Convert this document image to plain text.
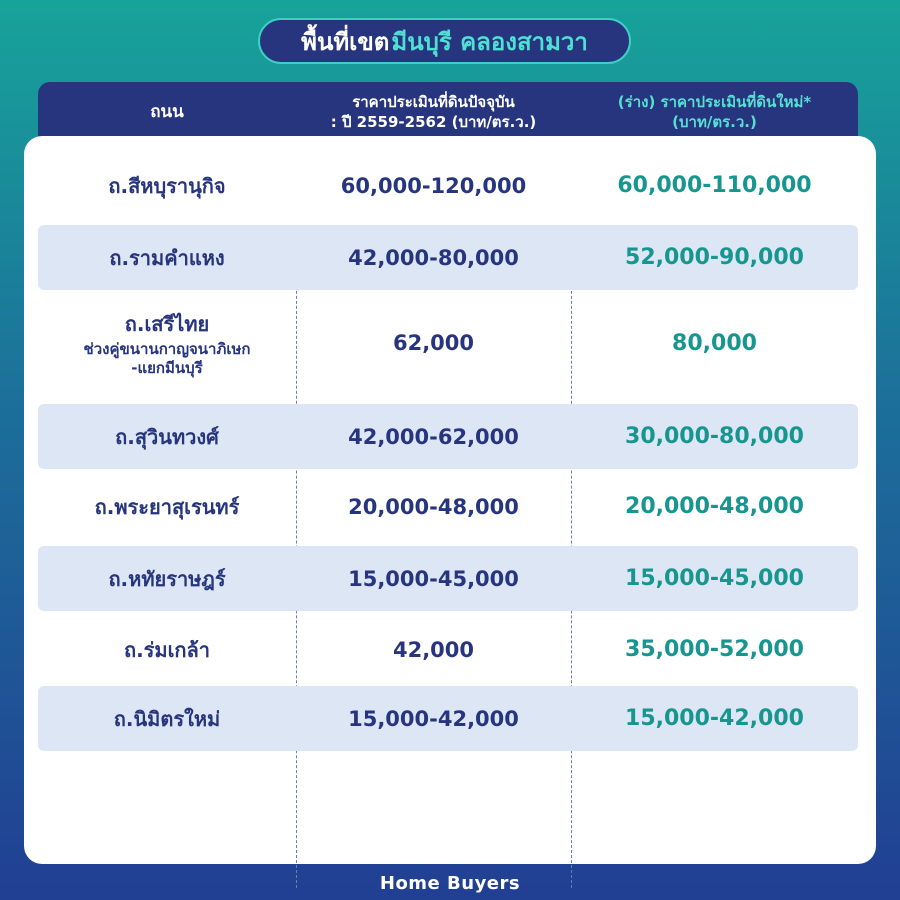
พื้นที่เขต มีนบุรี คลองสามวา
ถนน	ราคาประเมินที่ดินปัจจุบัน
: ปี 2559-2562 (บาท/ตร.ว.)
(ร่าง) ราคาประเมินที่ดินใหม่*
(บาท/ตร.ว.)
ถ.สีหบุรานุกิจ	60,000-120,000	60,000-110,000
ถ.รามคำแหง	42,000-80,000	52,000-90,000
ถ.เสรีไทย
ช่วงคู่ขนานกาญจนาภิเษก
-แยกมีนบุรี
62,000	80,000
ถ.สุวินทวงศ์	42,000-62,000	30,000-80,000
ถ.พระยาสุเรนทร์	20,000-48,000	20,000-48,000
ถ.หทัยราษฎร์	15,000-45,000	15,000-45,000
ถ.ร่มเกล้า	42,000	35,000-52,000
ถ.นิมิตรใหม่	15,000-42,000	15,000-42,000
Home Buyers
